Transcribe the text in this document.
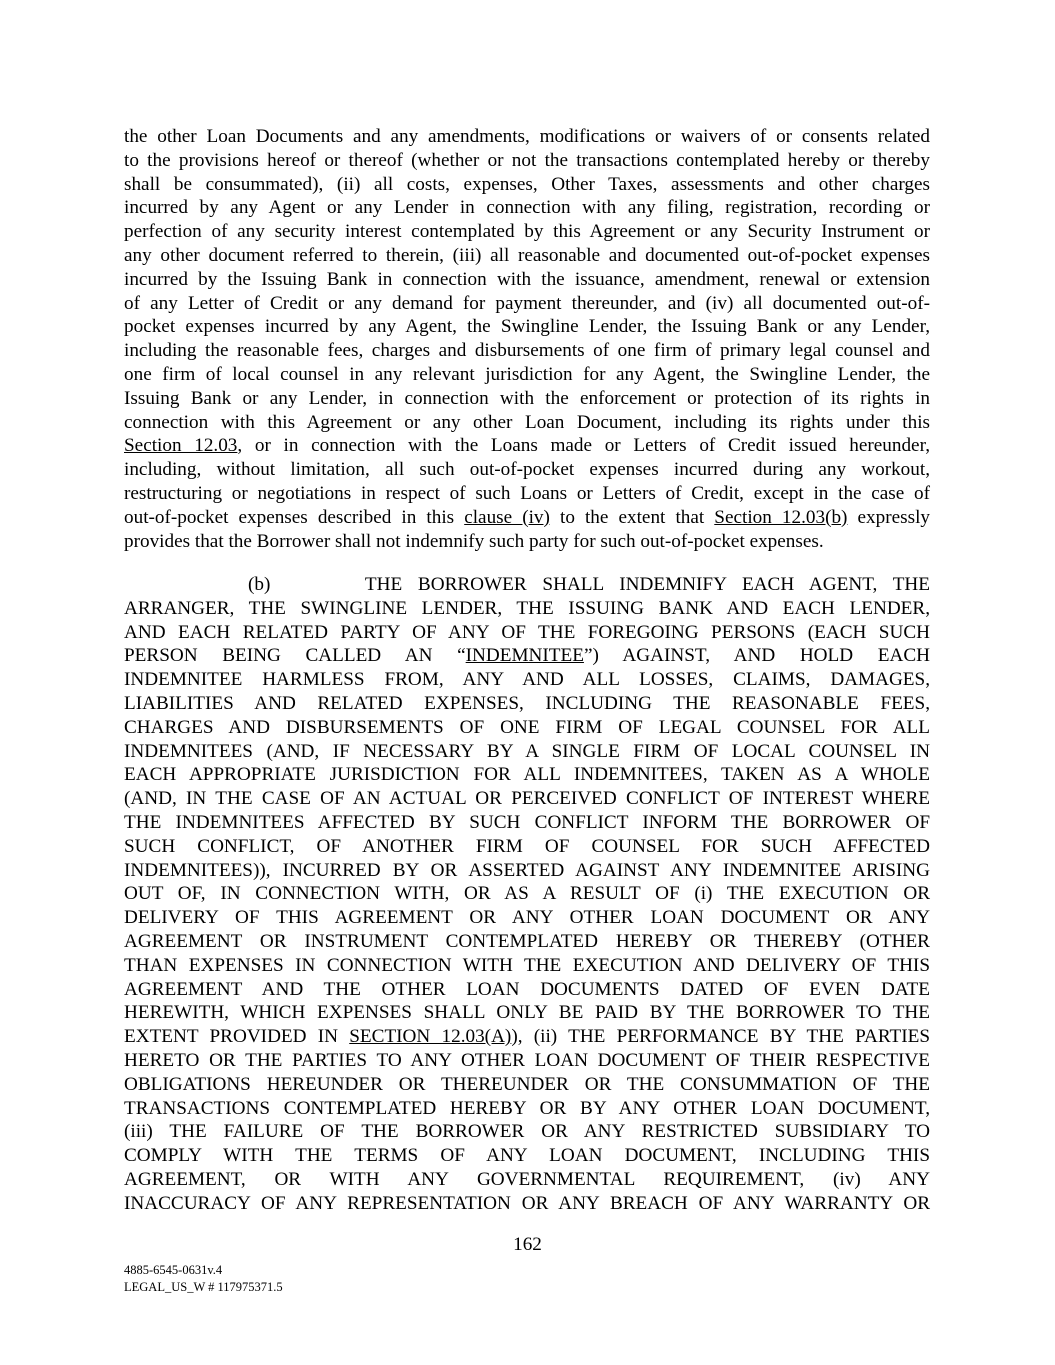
the other Loan Documents and any amendments, modifications or waivers of or consents related
to the provisions hereof or thereof (whether or not the transactions contemplated hereby or thereby
shall be consummated), (ii) all costs, expenses, Other Taxes, assessments and other charges
incurred by any Agent or any Lender in connection with any filing, registration, recording or
perfection of any security interest contemplated by this Agreement or any Security Instrument or
any other document referred to therein, (iii) all reasonable and documented out-of-pocket expenses
incurred by the Issuing Bank in connection with the issuance, amendment, renewal or extension
of any Letter of Credit or any demand for payment thereunder, and (iv) all documented out-of-
pocket expenses incurred by any Agent, the Swingline Lender, the Issuing Bank or any Lender,
including the reasonable fees, charges and disbursements of one firm of primary legal counsel and
one firm of local counsel in any relevant jurisdiction for any Agent, the Swingline Lender, the
Issuing Bank or any Lender, in connection with the enforcement or protection of its rights in
connection with this Agreement or any other Loan Document, including its rights under this
Section 12.03, or in connection with the Loans made or Letters of Credit issued hereunder,
including, without limitation, all such out-of-pocket expenses incurred during any workout,
restructuring or negotiations in respect of such Loans or Letters of Credit, except in the case of
out-of-pocket expenses described in this clause (iv) to the extent that Section 12.03(b) expressly
provides that the Borrower shall not indemnify such party for such out-of-pocket expenses.
(b)      THE BORROWER SHALL INDEMNIFY EACH AGENT, THE
ARRANGER, THE SWINGLINE LENDER, THE ISSUING BANK AND EACH LENDER,
AND EACH RELATED PARTY OF ANY OF THE FOREGOING PERSONS (EACH SUCH
PERSON BEING CALLED AN “INDEMNITEE”) AGAINST, AND HOLD EACH
INDEMNITEE HARMLESS FROM, ANY AND ALL LOSSES, CLAIMS, DAMAGES,
LIABILITIES AND RELATED EXPENSES, INCLUDING THE REASONABLE FEES,
CHARGES AND DISBURSEMENTS OF ONE FIRM OF LEGAL COUNSEL FOR ALL
INDEMNITEES (AND, IF NECESSARY BY A SINGLE FIRM OF LOCAL COUNSEL IN
EACH APPROPRIATE JURISDICTION FOR ALL INDEMNITEES, TAKEN AS A WHOLE
(AND, IN THE CASE OF AN ACTUAL OR PERCEIVED CONFLICT OF INTEREST WHERE
THE INDEMNITEES AFFECTED BY SUCH CONFLICT INFORM THE BORROWER OF
SUCH CONFLICT, OF ANOTHER FIRM OF COUNSEL FOR SUCH AFFECTED
INDEMNITEES)), INCURRED BY OR ASSERTED AGAINST ANY INDEMNITEE ARISING
OUT OF, IN CONNECTION WITH, OR AS A RESULT OF (i) THE EXECUTION OR
DELIVERY OF THIS AGREEMENT OR ANY OTHER LOAN DOCUMENT OR ANY
AGREEMENT OR INSTRUMENT CONTEMPLATED HEREBY OR THEREBY (OTHER
THAN EXPENSES IN CONNECTION WITH THE EXECUTION AND DELIVERY OF THIS
AGREEMENT AND THE OTHER LOAN DOCUMENTS DATED OF EVEN DATE
HEREWITH, WHICH EXPENSES SHALL ONLY BE PAID BY THE BORROWER TO THE
EXTENT PROVIDED IN SECTION 12.03(A)), (ii) THE PERFORMANCE BY THE PARTIES
HERETO OR THE PARTIES TO ANY OTHER LOAN DOCUMENT OF THEIR RESPECTIVE
OBLIGATIONS HEREUNDER OR THEREUNDER OR THE CONSUMMATION OF THE
TRANSACTIONS CONTEMPLATED HEREBY OR BY ANY OTHER LOAN DOCUMENT,
(iii) THE FAILURE OF THE BORROWER OR ANY RESTRICTED SUBSIDIARY TO
COMPLY WITH THE TERMS OF ANY LOAN DOCUMENT, INCLUDING THIS
AGREEMENT, OR WITH ANY GOVERNMENTAL REQUIREMENT, (iv) ANY
INACCURACY OF ANY REPRESENTATION OR ANY BREACH OF ANY WARRANTY OR
162
4885-6545-0631v.4
LEGAL_US_W # 117975371.5
